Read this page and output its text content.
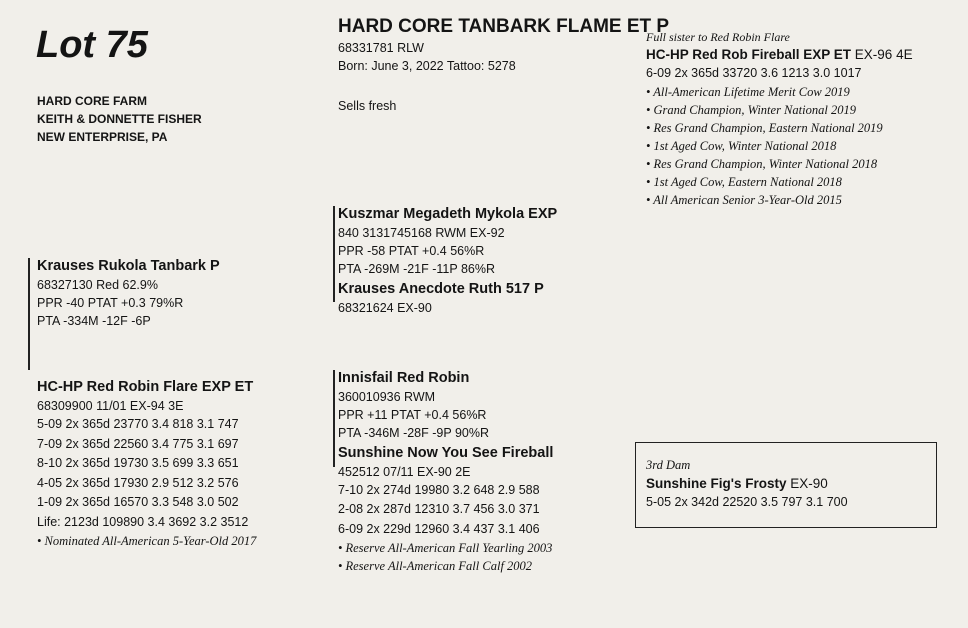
Lot 75
HARD CORE FARM
KEITH & DONNETTE FISHER
NEW ENTERPRISE, PA
HARD CORE TANBARK FLAME ET P
68331781 RLW
Born: June 3, 2022 Tattoo: 5278
Sells fresh
Full sister to Red Robin Flare
HC-HP Red Rob Fireball EXP ET EX-96 4E
6-09 2x 365d 33720 3.6 1213 3.0 1017
• All-American Lifetime Merit Cow 2019
• Grand Champion, Winter National 2019
• Res Grand Champion, Eastern National 2019
• 1st Aged Cow, Winter National 2018
• Res Grand Champion, Winter National 2018
• 1st Aged Cow, Eastern National 2018
• All American Senior 3-Year-Old 2015
Krauses Rukola Tanbark P
68327130 Red 62.9%
PPR -40 PTAT +0.3 79%R
PTA -334M -12F -6P
Kuszmar Megadeth Mykola EXP
840 3131745168 RWM EX-92
PPR -58 PTAT +0.4 56%R
PTA -269M -21F -11P 86%R
Krauses Anecdote Ruth 517 P
68321624 EX-90
HC-HP Red Robin Flare EXP ET
68309900 11/01 EX-94 3E
5-09 2x 365d 23770 3.4 818 3.1 747
7-09 2x 365d 22560 3.4 775 3.1 697
8-10 2x 365d 19730 3.5 699 3.3 651
4-05 2x 365d 17930 2.9 512 3.2 576
1-09 2x 365d 16570 3.3 548 3.0 502
Life: 2123d 109890 3.4 3692 3.2 3512
• Nominated All-American 5-Year-Old 2017
Innisfail Red Robin
360010936 RWM
PPR +11 PTAT +0.4 56%R
PTA -346M -28F -9P 90%R
Sunshine Now You See Fireball
452512 07/11 EX-90 2E
7-10 2x 274d 19980 3.2 648 2.9 588
2-08 2x 287d 12310 3.7 456 3.0 371
6-09 2x 229d 12960 3.4 437 3.1 406
• Reserve All-American Fall Yearling 2003
• Reserve All-American Fall Calf 2002
3rd Dam
Sunshine Fig's Frosty EX-90
5-05 2x 342d 22520 3.5 797 3.1 700
